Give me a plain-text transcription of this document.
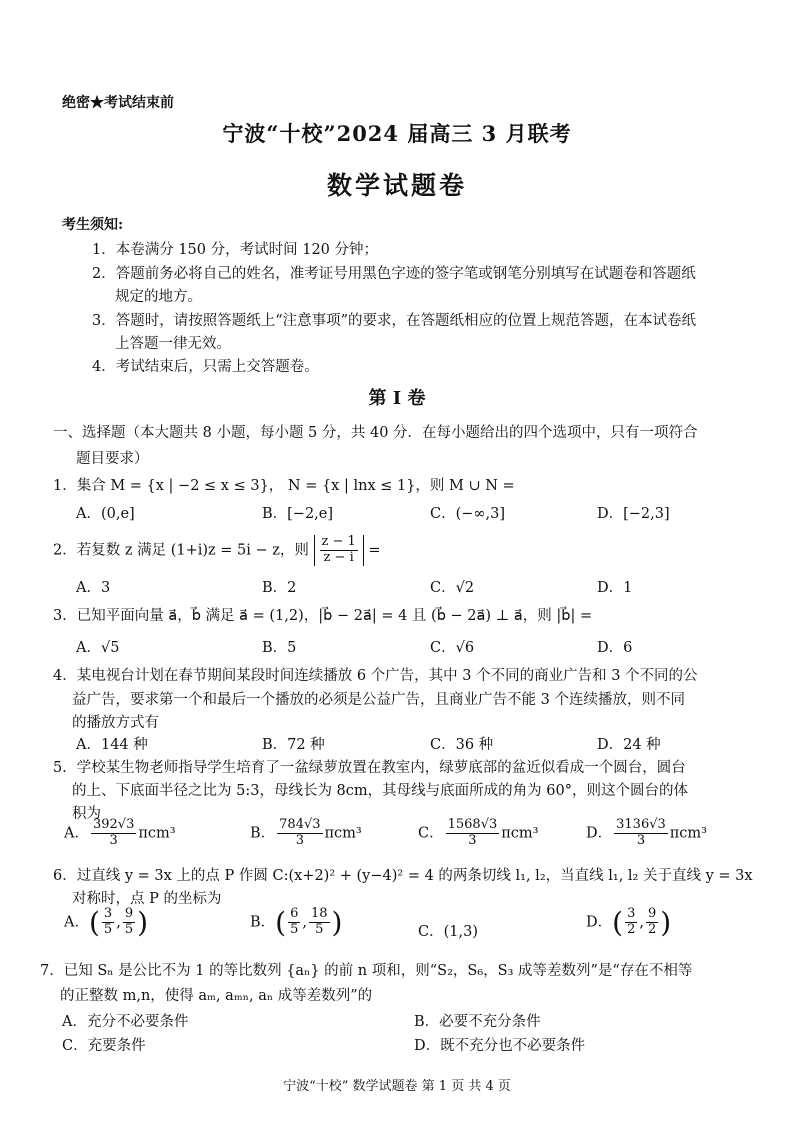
绝密★考试结束前
宁波“十校”2024 届高三 3 月联考
数学试题卷
考生须知:
1．本卷满分 150 分，考试时间 120 分钟；
2．答题前务必将自己的姓名，准考证号用黑色字迹的签字笔或钢笔分别填写在试题卷和答题纸
规定的地方。
3．答题时，请按照答题纸上“注意事项”的要求，在答题纸相应的位置上规范答题，在本试卷纸
上答题一律无效。
4．考试结束后，只需上交答题卷。
第 I 卷
一、选择题（本大题共 8 小题，每小题 5 分，共 40 分．在每小题给出的四个选项中，只有一项符合
题目要求）
1．集合 M = {x | −2 ≤ x ≤ 3}， N = {x | lnx ≤ 1}，则 M ∪ N =
A．(0,e]	B．[−2,e]	C．(−∞,3]	D．[−2,3]
2．若复数 z 满足 (1+i)z = 5i − z，则 $\frac{z - 1}{z - i}$ =
A．3	B．2	C．√2	D．1
3．已知平面向量 a⃗，b⃗ 满足 a⃗ = (1,2)，|b⃗ − 2a⃗| = 4 且 (b⃗ − 2a⃗) ⊥ a⃗，则 |b⃗| =
A．√5	B．5	C．√6	D．6
4．某电视台计划在春节期间某段时间连续播放 6 个广告，其中 3 个不同的商业广告和 3 个不同的公
益广告，要求第一个和最后一个播放的必须是公益广告，且商业广告不能 3 个连续播放，则不同
的播放方式有
A．144 种	B．72 种	C．36 种	D．24 种
5．学校某生物老师指导学生培育了一盆绿萝放置在教室内，绿萝底部的盆近似看成一个圆台，圆台
的上、下底面半径之比为 5:3，母线长为 8cm，其母线与底面所成的角为 60°，则这个圆台的体
积为
A． $\frac{392√3}{3} \pi cm^3$	B． $\frac{784√3}{3} \pi cm^3$	C． $\frac{1568√3}{3} \pi cm^3$	D． $\frac{3136√3}{3} \pi cm^3$
6．过直线 y = 3x 上的点 P 作圆 C:(x+2)² + (y−4)² = 4 的两条切线 l₁, l₂，当直线 l₁, l₂ 关于直线 y = 3x
对称时，点 P 的坐标为
A．( $\frac{3}{5}$ , $\frac{9}{5}$ )	B．( $\frac{6}{5}$ , $\frac{18}{5}$ )	C．(1,3)
D．( $\frac{3}{2}$ , $\frac{9}{2}$ )
7．已知 Sₙ 是公比不为 1 的等比数列 {aₙ} 的前 n 项和，则“S₂，S₆，S₃ 成等差数列”是“存在不相等
的正整数 m,n，使得 aₘ, aₘₙ, aₙ 成等差数列”的
A．充分不必要条件	B．必要不充分条件
C．充要条件	D．既不充分也不必要条件
宁波“十校” 数学试题卷 第 1 页 共 4 页
